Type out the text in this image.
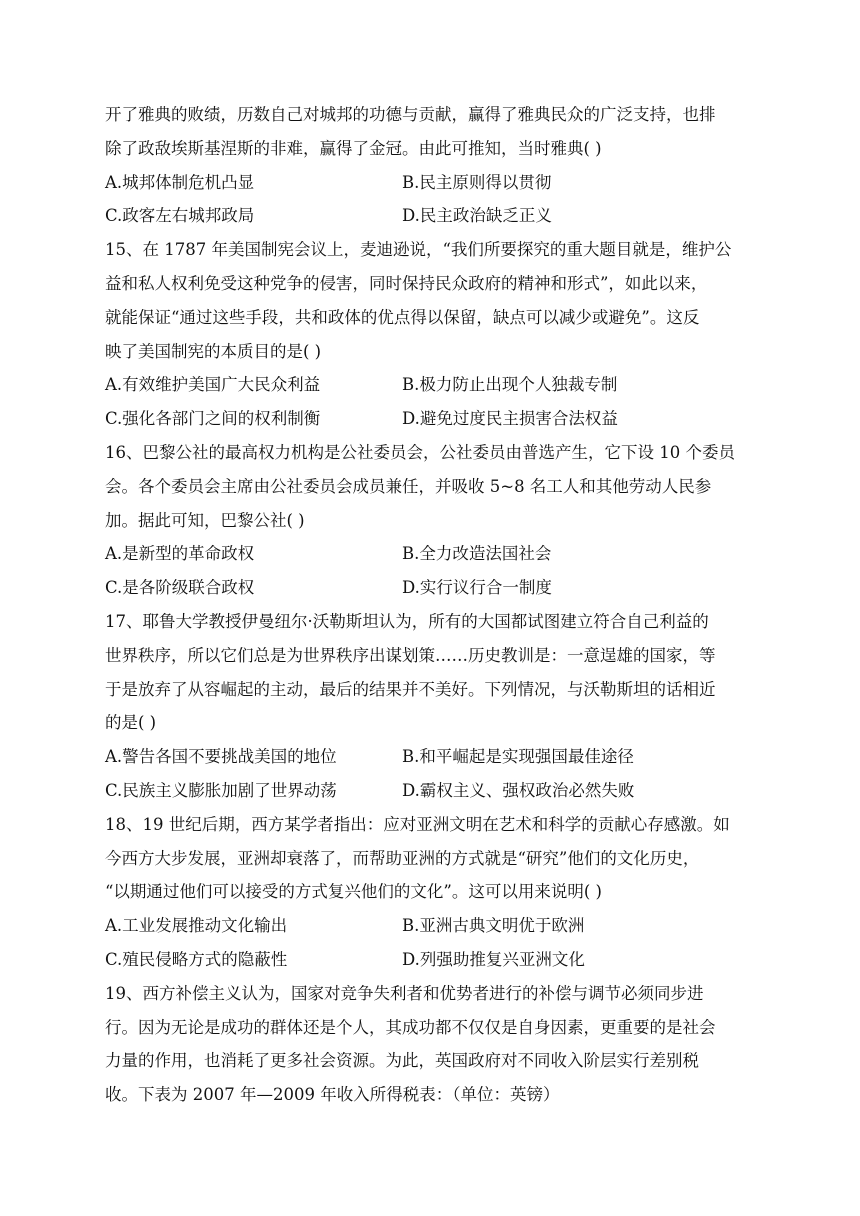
开了雅典的败绩，历数自己对城邦的功德与贡献，赢得了雅典民众的广泛支持，也排
除了政敌埃斯基涅斯的非难，赢得了金冠。由此可推知，当时雅典( )
A.城邦体制危机凸显	B.民主原则得以贯彻
C.政客左右城邦政局	D.民主政治缺乏正义
15、在 1787 年美国制宪会议上，麦迪逊说，“我们所要探究的重大题目就是，维护公
益和私人权利免受这种党争的侵害，同时保持民众政府的精神和形式”，如此以来，
就能保证“通过这些手段，共和政体的优点得以保留，缺点可以减少或避免”。这反
映了美国制宪的本质目的是( )
A.有效维护美国广大民众利益	B.极力防止出现个人独裁专制
C.强化各部门之间的权利制衡	D.避免过度民主损害合法权益
16、巴黎公社的最高权力机构是公社委员会，公社委员由普选产生，它下设 10 个委员
会。各个委员会主席由公社委员会成员兼任，并吸收 5~8 名工人和其他劳动人民参
加。据此可知，巴黎公社( )
A.是新型的革命政权	B.全力改造法国社会
C.是各阶级联合政权	D.实行议行合一制度
17、耶鲁大学教授伊曼纽尔·沃勒斯坦认为，所有的大国都试图建立符合自己利益的
世界秩序，所以它们总是为世界秩序出谋划策……历史教训是：一意逞雄的国家，等
于是放弃了从容崛起的主动，最后的结果并不美好。下列情况，与沃勒斯坦的话相近
的是( )
A.警告各国不要挑战美国的地位	B.和平崛起是实现强国最佳途径
C.民族主义膨胀加剧了世界动荡	D.霸权主义、强权政治必然失败
18、19 世纪后期，西方某学者指出：应对亚洲文明在艺术和科学的贡献心存感激。如
今西方大步发展，亚洲却衰落了，而帮助亚洲的方式就是“研究”他们的文化历史，
“以期通过他们可以接受的方式复兴他们的文化”。这可以用来说明( )
A.工业发展推动文化输出	B.亚洲古典文明优于欧洲
C.殖民侵略方式的隐蔽性	D.列强助推复兴亚洲文化
19、西方补偿主义认为，国家对竞争失利者和优势者进行的补偿与调节必须同步进
行。因为无论是成功的群体还是个人，其成功都不仅仅是自身因素，更重要的是社会
力量的作用，也消耗了更多社会资源。为此，英国政府对不同收入阶层实行差别税
收。下表为 2007 年—2009 年收入所得税表：（单位：英镑）
